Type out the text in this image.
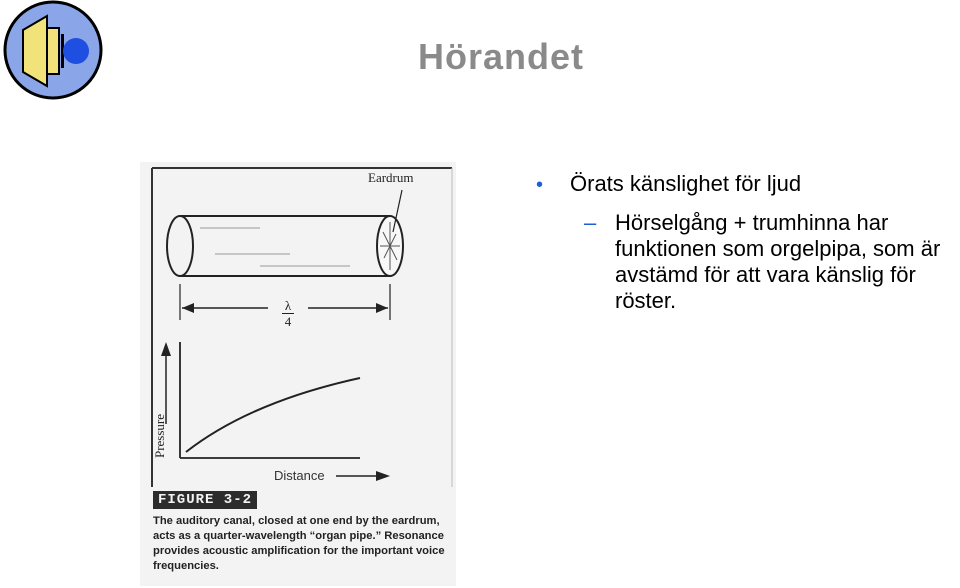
Hörandet
• Örats känslighet för ljud
– Hörselgång + trumhinna har funktionen som orgelpipa, som är avstämd för att vara känslig för röster.
Eardrum
λ
4
Distance
Pressure
FIGURE 3-2
The auditory canal, closed at one end by the eardrum, acts as a quarter-wavelength “organ pipe.” Resonance provides acoustic amplification for the important voice frequencies.
